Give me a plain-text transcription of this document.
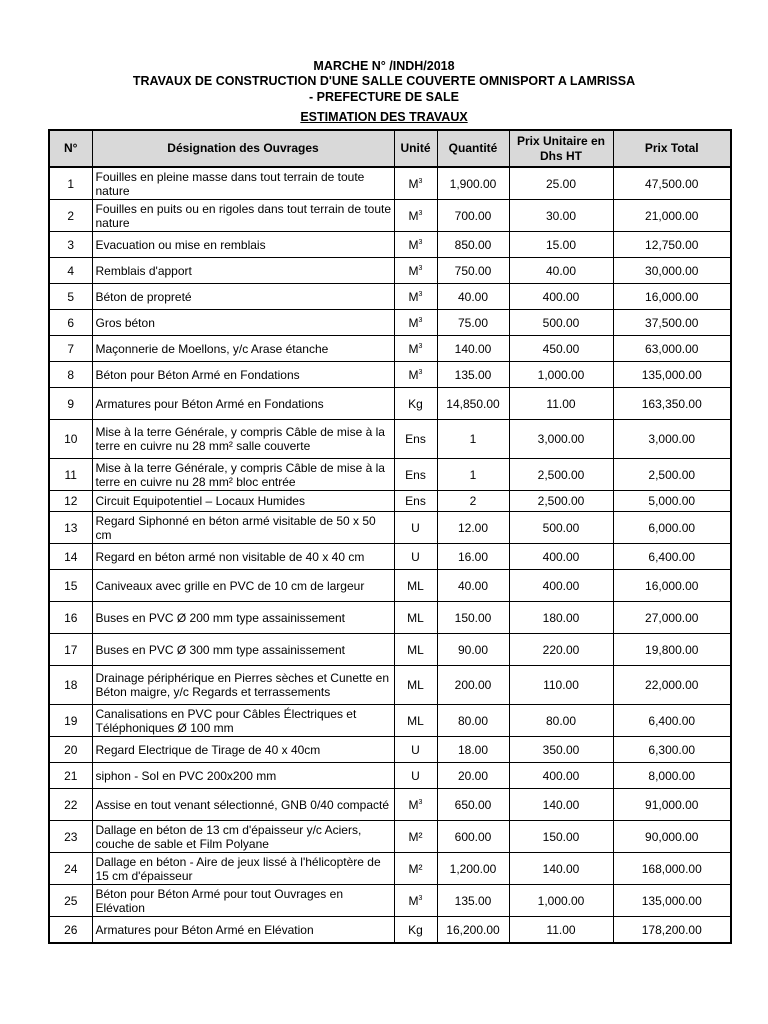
MARCHE N° /INDH/2018
TRAVAUX DE CONSTRUCTION D'UNE SALLE COUVERTE OMNISPORT A LAMRISSA
- PREFECTURE DE SALE
ESTIMATION DES TRAVAUX
N°	Désignation des Ouvrages	Unité	Quantité	Prix Unitaire en Dhs HT	Prix Total
1	Fouilles en pleine masse dans tout terrain de toute nature	$M^3$	1,900.00	25.00	47,500.00
2	Fouilles en puits ou en rigoles dans tout terrain de toute nature	$M^3$	700.00	30.00	21,000.00
3	Evacuation ou mise en remblais	$M^3$	850.00	15.00	12,750.00
4	Remblais d'apport	$M^3$	750.00	40.00	30,000.00
5	Béton de propreté	$M^3$	40.00	400.00	16,000.00
6	Gros béton	$M^3$	75.00	500.00	37,500.00
7	Maçonnerie de Moellons, y/c Arase étanche	$M^3$	140.00	450.00	63,000.00
8	Béton pour Béton Armé en Fondations	$M^3$	135.00	1,000.00	135,000.00
9	Armatures pour Béton Armé en Fondations	Kg	14,850.00	11.00	163,350.00
10	Mise à la terre Générale, y compris Câble de mise à la terre en cuivre nu 28 mm² salle couverte	Ens	1	3,000.00	3,000.00
11	Mise à la terre Générale, y compris Câble de mise à la terre en cuivre nu 28 mm² bloc entrée	Ens	1	2,500.00	2,500.00
12	Circuit Equipotentiel – Locaux Humides	Ens	2	2,500.00	5,000.00
13	Regard Siphonné en béton armé visitable de 50 x 50 cm	U	12.00	500.00	6,000.00
14	Regard en béton armé non visitable de 40 x 40 cm	U	16.00	400.00	6,400.00
15	Caniveaux avec grille en PVC de 10 cm de largeur	ML	40.00	400.00	16,000.00
16	Buses en PVC Ø 200 mm type assainissement	ML	150.00	180.00	27,000.00
17	Buses en PVC Ø 300 mm type assainissement	ML	90.00	220.00	19,800.00
18	Drainage périphérique en Pierres sèches et Cunette en Béton maigre, y/c Regards et terrassements	ML	200.00	110.00	22,000.00
19	Canalisations en PVC pour Câbles Électriques et Téléphoniques Ø 100 mm	ML	80.00	80.00	6,400.00
20	Regard Electrique de Tirage de 40 x 40cm	U	18.00	350.00	6,300.00
21	siphon - Sol en PVC 200x200 mm	U	20.00	400.00	8,000.00
22	Assise en tout venant sélectionné, GNB 0/40 compacté	$M^3$	650.00	140.00	91,000.00
23	Dallage en béton de 13 cm d'épaisseur y/c Aciers, couche de sable et Film Polyane	M²	600.00	150.00	90,000.00
24	Dallage en béton - Aire de jeux lissé à l'hélicoptère de 15 cm d'épaisseur	M²	1,200.00	140.00	168,000.00
25	Béton pour Béton Armé pour tout Ouvrages en Elévation	$M^3$	135.00	1,000.00	135,000.00
26	Armatures pour Béton Armé en Elévation	Kg	16,200.00	11.00	178,200.00
